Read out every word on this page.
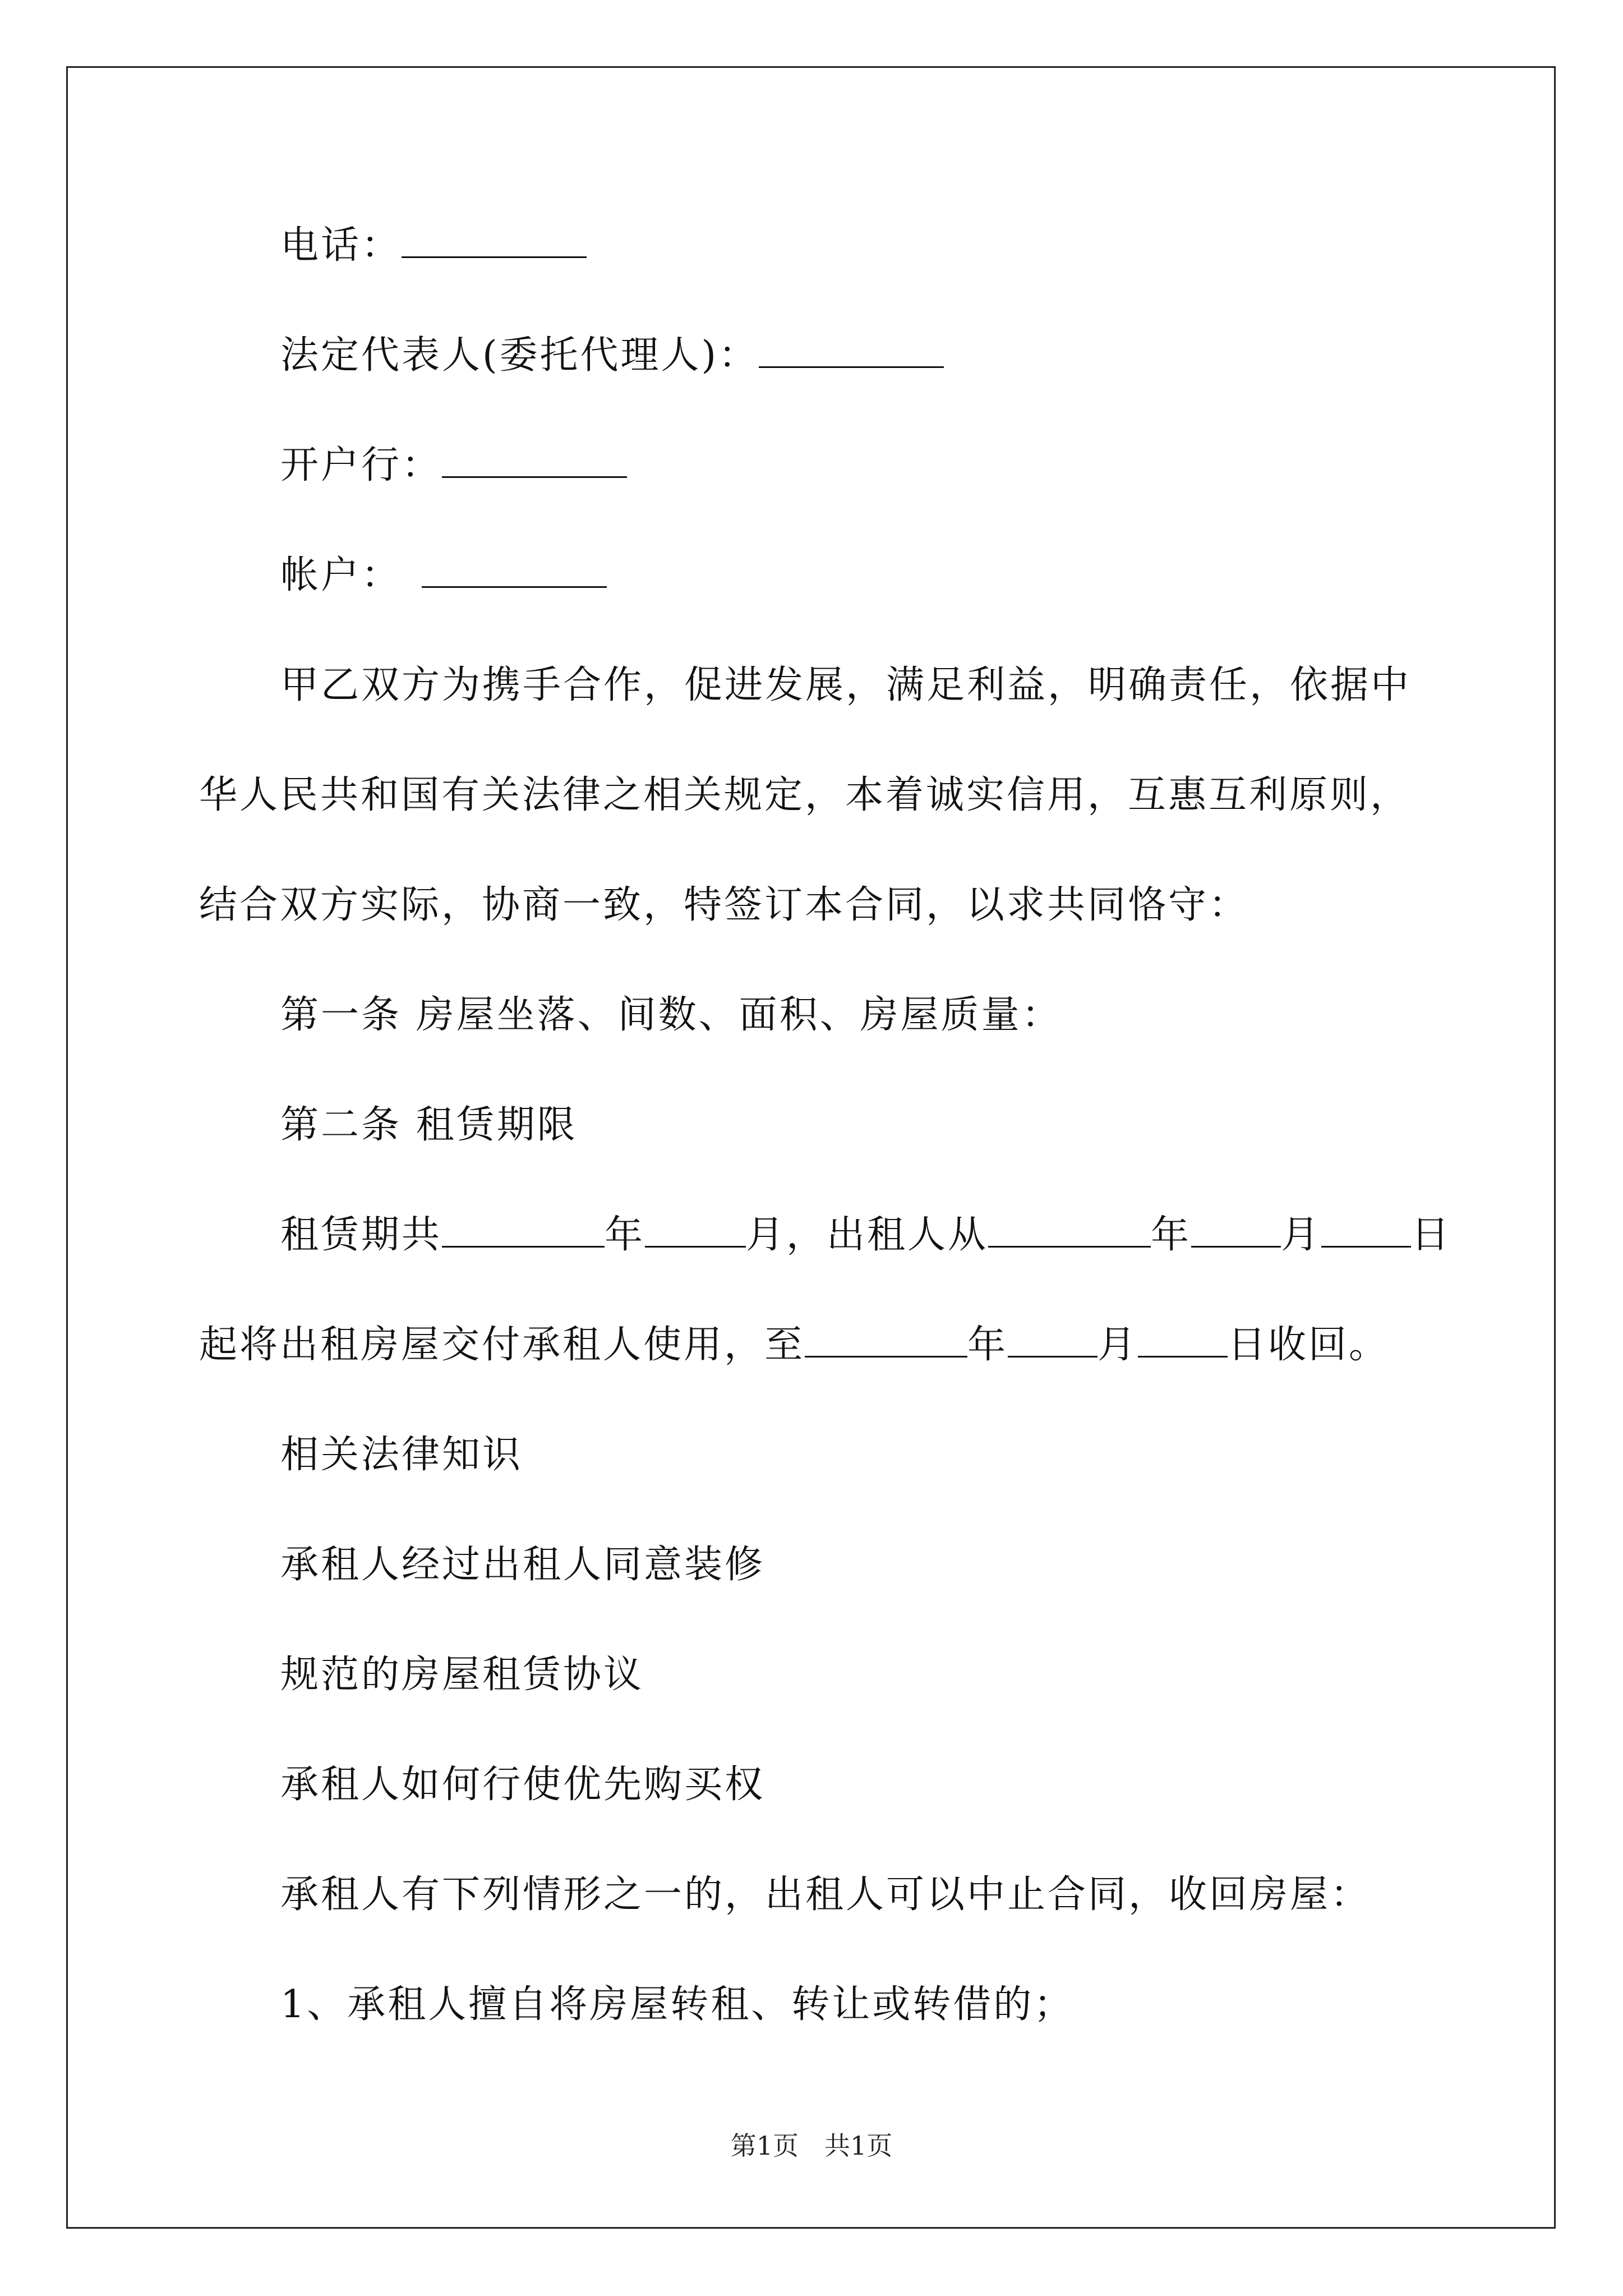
电话：
法定代表人(委托代理人)：
开户行：
帐户：
甲乙双方为携手合作，促进发展，满足利益，明确责任，依据中
华人民共和国有关法律之相关规定，本着诚实信用，互惠互利原则，
结合双方实际，协商一致，特签订本合同，以求共同恪守：
第一条 房屋坐落、间数、面积、房屋质量：
第二条 租赁期限
租赁期共	年	月，出租人从	年 月 日
起将出租房屋交付承租人使用，至	年 月 日收回。
相关法律知识
承租人经过出租人同意装修
规范的房屋租赁协议
承租人如何行使优先购买权
承租人有下列情形之一的，出租人可以中止合同，收回房屋：
1、承租人擅自将房屋转租、转让或转借的；
第1页　共1页
